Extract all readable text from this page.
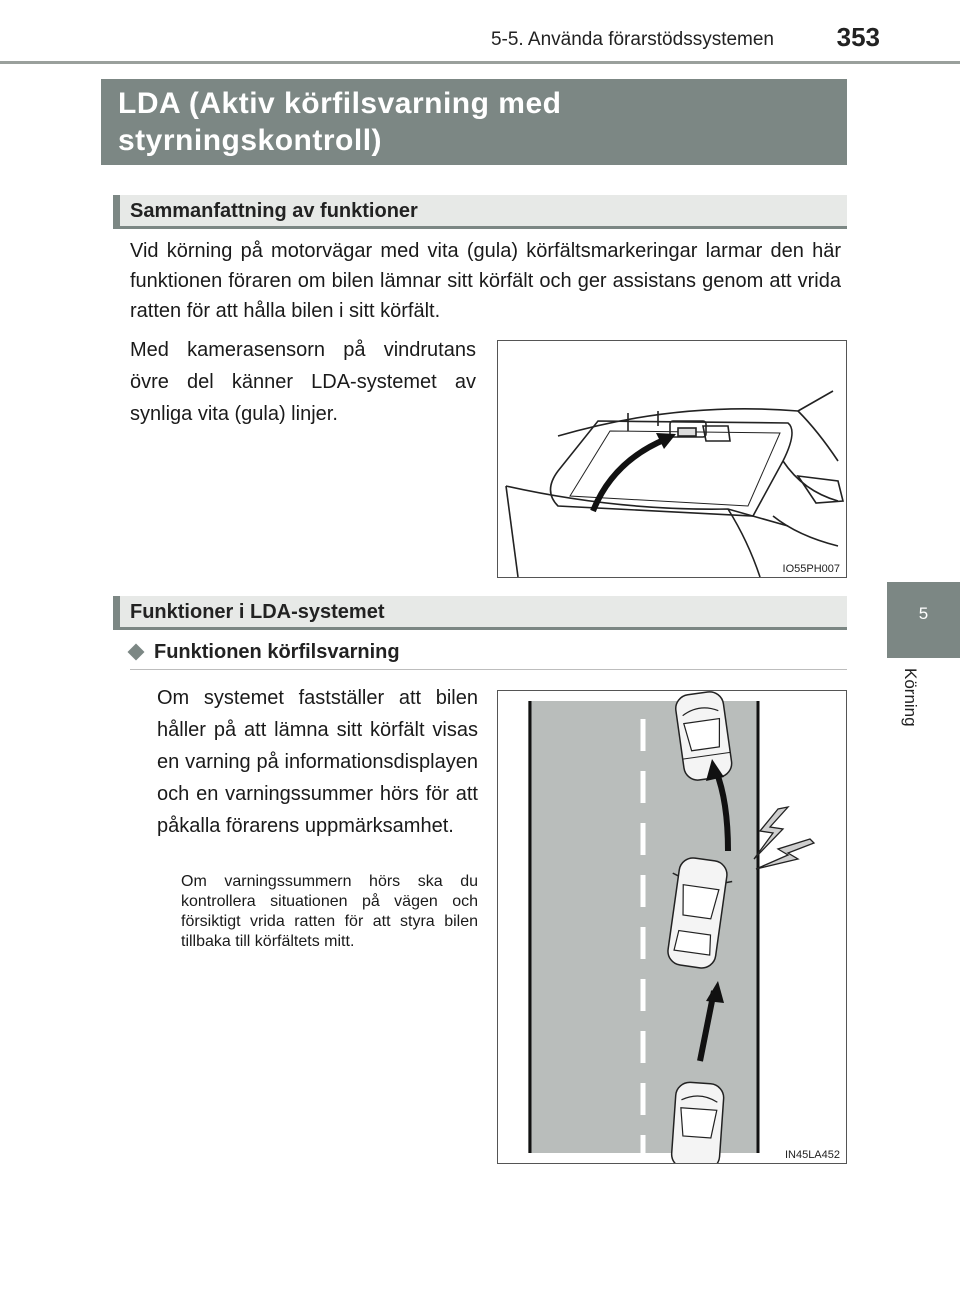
5-5. Använda förarstödssystemen 353
5
Körning
LDA (Aktiv körfilsvarning med
styrningskontroll)
Sammanfattning av funktioner
Vid körning på motorvägar med vita (gula) körfältsmarkeringar larmar den här funktionen föraren om bilen lämnar sitt körfält och ger assistans genom att vrida ratten för att hålla bilen i sitt körfält.
Med kamerasensorn på vindrutans övre del känner LDA-systemet av synliga vita (gula) linjer.
IO55PH007
Funktioner i LDA-systemet
Funktionen körfilsvarning
Om systemet fastställer att bilen håller på att lämna sitt körfält visas en varning på informationsdisplayen och en varningssummer hörs för att påkalla förarens uppmärksamhet.
Om varningssummern hörs ska du kontrollera situationen på vägen och försiktigt vrida ratten för att styra bilen tillbaka till körfältets mitt.
IN45LA452
